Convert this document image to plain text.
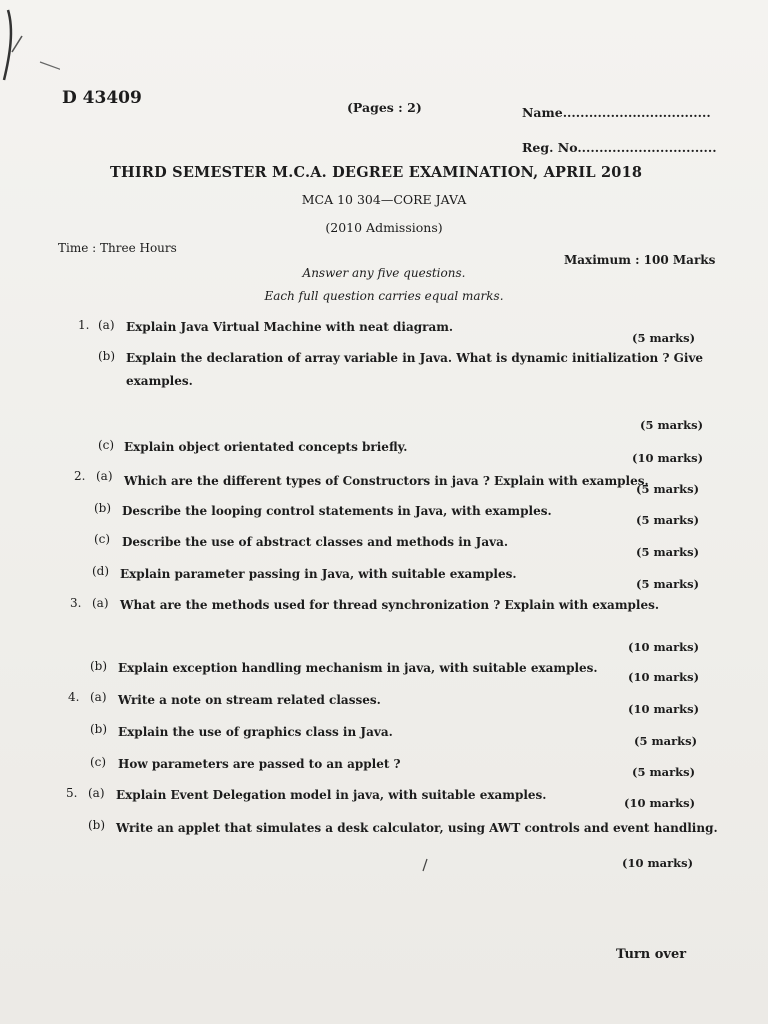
D 43409	(Pages : 2)	Name..................................
Reg. No................................
THIRD SEMESTER M.C.A. DEGREE EXAMINATION, APRIL 2018
MCA 10 304—CORE JAVA
(2010 Admissions)
Time : Three Hours
Maximum : 100 Marks
Answer any five questions.
Each full question carries equal marks.
1. (a) Explain Java Virtual Machine with neat diagram.
(5 marks)
(b) Explain the declaration of array variable in Java. What is dynamic initialization ? Give
examples.
(5 marks)
(c) Explain object orientated concepts briefly.
(10 marks)
2. (a) Which are the different types of Constructors in java ? Explain with examples.
(5 marks)
(b) Describe the looping control statements in Java, with examples.
(5 marks)
(c) Describe the use of abstract classes and methods in Java.
(5 marks)
(d) Explain parameter passing in Java, with suitable examples.
(5 marks)
3. (a) What are the methods used for thread synchronization ? Explain with examples.
(10 marks)
(b) Explain exception handling mechanism in java, with suitable examples.
(10 marks)
4. (a) Write a note on stream related classes.
(10 marks)
(b) Explain the use of graphics class in Java.
(5 marks)
(c) How parameters are passed to an applet ?
(5 marks)
5. (a) Explain Event Delegation model in java, with suitable examples.
(10 marks)
(b) Write an applet that simulates a desk calculator, using AWT controls and event handling.
(10 marks)
Turn over
